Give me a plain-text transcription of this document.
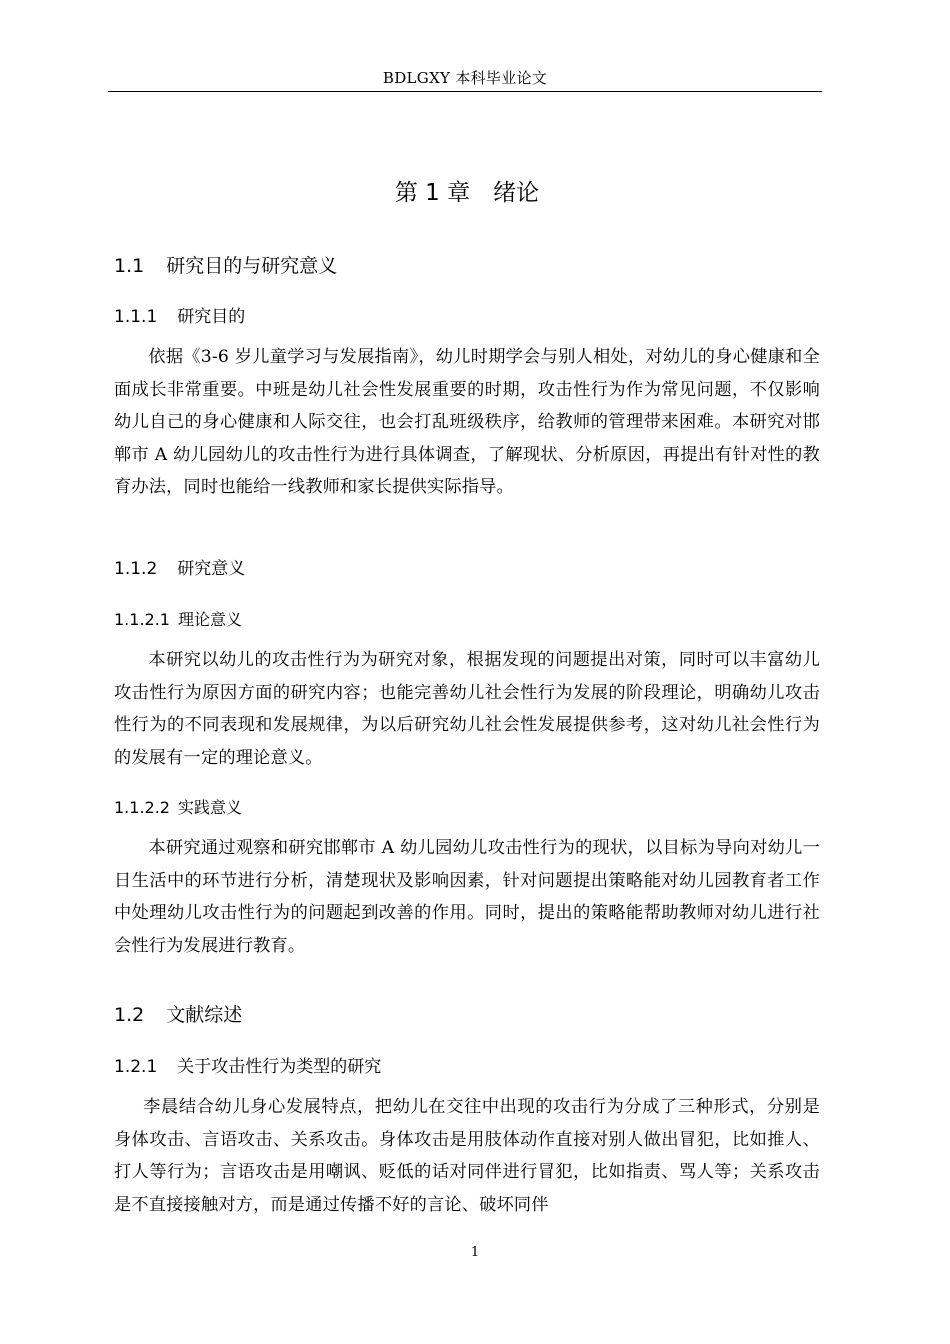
BDLGXY 本科毕业论文
第 1 章　绪论
1.1 研究目的与研究意义
1.1.1 研究目的

依据《3-6 岁儿童学习与发展指南》，幼儿时期学会与别人相处，对幼儿的身心健康和全面成长非常重要。中班是幼儿社会性发展重要的时期，攻击性行为作为常见问题，不仅影响幼儿自己的身心健康和人际交往，也会打乱班级秩序，给教师的管理带来困难。本研究对邯郸市 A 幼儿园幼儿的攻击性行为进行具体调查，了解现状、分析原因，再提出有针对性的教育办法，同时也能给一线教师和家长提供实际指导。

1.1.2 研究意义
1.1.2.1 理论意义

本研究以幼儿的攻击性行为为研究对象，根据发现的问题提出对策，同时可以丰富幼儿攻击性行为原因方面的研究内容；也能完善幼儿社会性行为发展的阶段理论，明确幼儿攻击性行为的不同表现和发展规律，为以后研究幼儿社会性发展提供参考，这对幼儿社会性行为的发展有一定的理论意义。

1.1.2.2 实践意义

本研究通过观察和研究邯郸市 A 幼儿园幼儿攻击性行为的现状，以目标为导向对幼儿一日生活中的环节进行分析，清楚现状及影响因素，针对问题提出策略能对幼儿园教育者工作中处理幼儿攻击性行为的问题起到改善的作用。同时，提出的策略能帮助教师对幼儿进行社会性行为发展进行教育。

1.2 文献综述
1.2.1 关于攻击性行为类型的研究

李晨结合幼儿身心发展特点，把幼儿在交往中出现的攻击行为分成了三种形式，分别是身体攻击、言语攻击、关系攻击。身体攻击是用肢体动作直接对别人做出冒犯，比如推人、打人等行为；言语攻击是用嘲讽、贬低的话对同伴进行冒犯，比如指责、骂人等；关系攻击是不直接接触对方，而是通过传播不好的言论、破坏同伴

1
